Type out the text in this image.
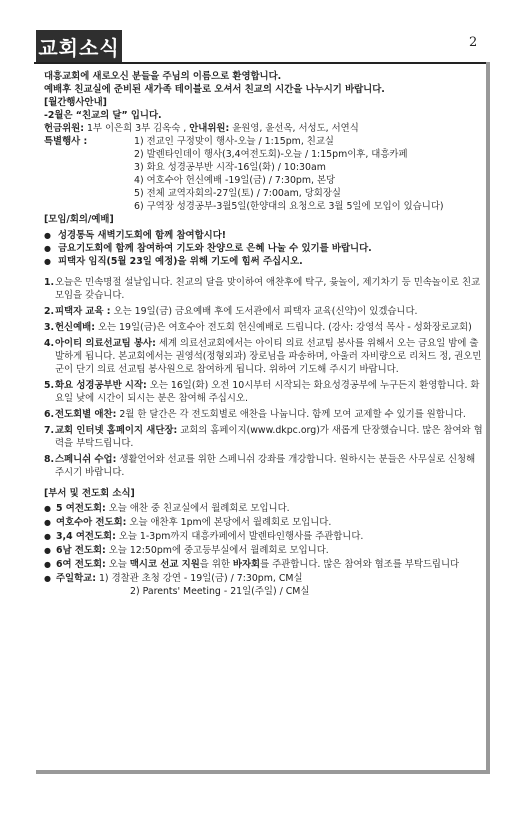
교회소식	2

대흥교회에 새로오신 분들을 주님의 이름으로 환영합니다.

예배후 친교실에 준비된 새가족 테이블로 오셔서 친교의 시간을 나누시기 바랍니다.

[월간행사안내]

-2월은 “친교의 달” 입니다.

헌금위원: 1부 이은희 3부 김옥숙 , 안내위원: 윤원영, 윤선옥, 서성도, 서연식

특별행사 :	1) 전교인 구정맞이 행사-오늘 / 1:15pm, 친교실
2) 발렌타인데이 행사(3,4여전도회)-오늘 / 1:15pm이후, 대흥카페
3) 화요 성경공부반 시작-16일(화) / 10:30am
4) 여호수아 헌신예배 -19일(금) / 7:30pm, 본당
5) 전체 교역자회의-27일(토) / 7:00am, 당회장실
6) 구역장 성경공부-3월5일(한양대의 요청으로 3월 5일에 모입이 있습니다)

[모임/회의/예배]

● 성경통독 새벽기도회에 함께 참여합시다!
● 금요기도회에 함께 참여하여 기도와 찬양으로 은혜 나눌 수 있기를 바랍니다.
● 피택자 임직(5월 23일 예정)을 위해 기도에 힘써 주십시오.
1. 오늘은 민속명절 설날입니다. 친교의 달을 맞이하여 애찬후에 탁구, 윷놀이, 제기차기 등 민속놀이로 친교모임을 갖습니다.
2. 피택자 교육 : 오는 19일(금) 금요예배 후에 도서관에서 피택자 교육(신약)이 있겠습니다.
3. 헌신예배: 오는 19일(금)은 여호수아 전도회 헌신예배로 드립니다. (강사: 강영석 목사 - 성화장로교회)
4. 아이티 의료선교팀 봉사: 세계 의료선교회에서는 아이티 의료 선교팀 봉사를 위해서 오는 금요일 밤에 출발하게 됩니다. 본교회에서는 권영석(정형외과) 장로님을 파송하며, 아울러 자비량으로 리처드 정, 권오민 군이 단기 의료 선교팀 봉사원으로 참여하게 됩니다. 위하여 기도해 주시기 바랍니다.
5. 화요 성경공부반 시작: 오는 16일(화) 오전 10시부터 시작되는 화요성경공부에 누구든지 환영합니다. 화요일 낮에 시간이 되시는 분은 참여해 주십시오.
6. 전도회별 애찬: 2월 한 달간은 각 전도회별로 애찬을 나눕니다. 함께 모여 교제할 수 있기를 원합니다.
7. 교회 인터넷 홈페이지 새단장: 교회의 홈페이지(www.dkpc.org)가 새롭게 단장했습니다. 많은 참여와 협력을 부탁드립니다.
8. 스페니쉬 수업: 생활언어와 선교를 위한 스페니쉬 강좌를 개강합니다. 원하시는 분들은 사무실로 신청해 주시기 바랍니다.

[부서 및 전도회 소식]

● 5 여전도회: 오늘 애찬 중 친교실에서 월례회로 모입니다.
● 여호수아 전도회: 오늘 애찬후 1pm에 본당에서 월례회로 모입니다.
● 3,4 여전도회: 오늘 1-3pm까지 대흥카페에서 발렌타인행사를 주관합니다.
● 6남 전도회: 오늘 12:50pm에 중고등부실에서 월례회로 모입니다.
● 6여 전도회: 오늘 맥시코 선교 지원을 위한 바자회를 주관합니다. 많은 참여와 협조를 부탁드립니다
● 주일학교: 1) 경찰관 초청 강연 - 19일(금) / 7:30pm, CM실
2) Parents' Meeting - 21일(주일) / CM실
